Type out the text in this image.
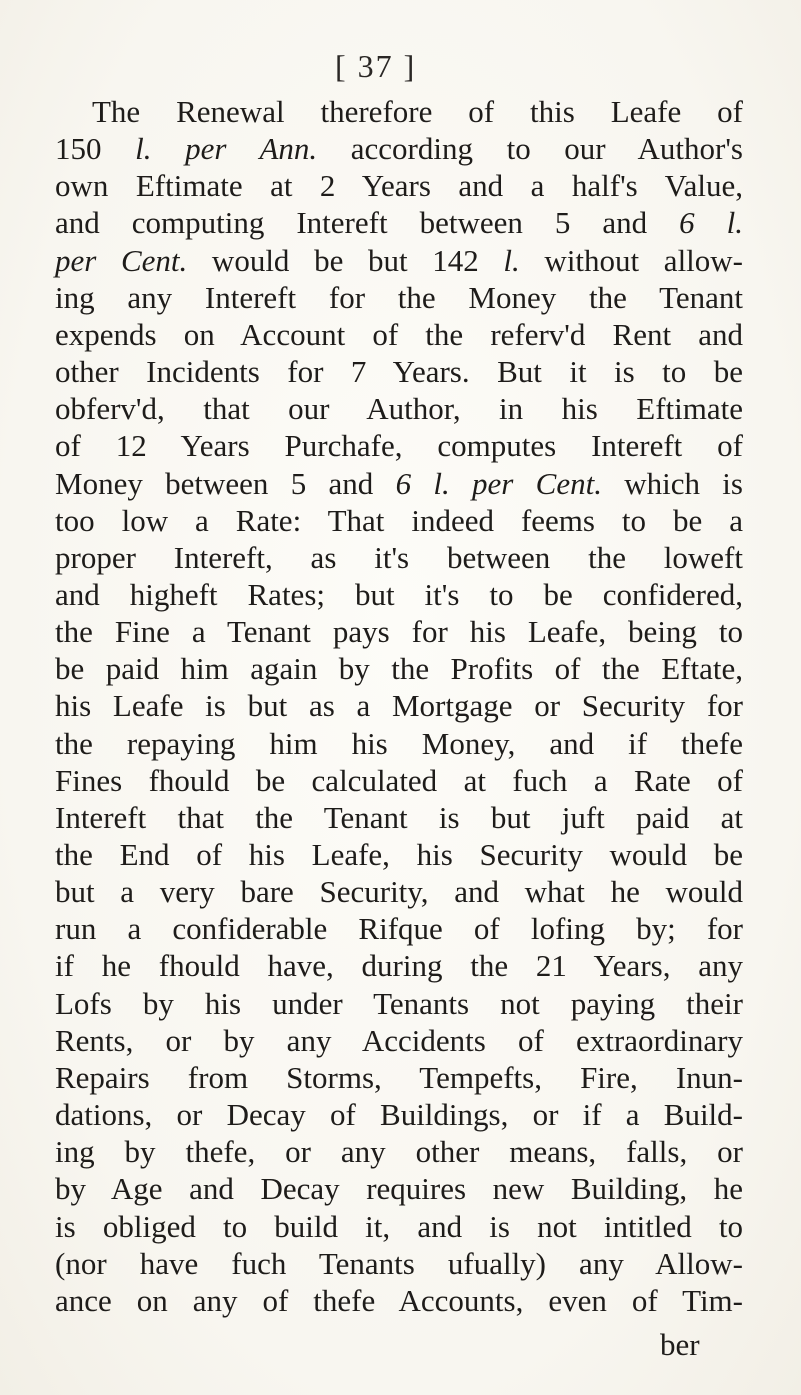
[ 37 ]
The Renewal therefore of this Leafe of
150 l. per Ann. according to our Author's
own Eftimate at 2 Years and a half's Value,
and computing Intereft between 5 and 6 l.
per Cent. would be but 142 l. without allow-
ing any Intereft for the Money the Tenant
expends on Account of the referv'd Rent and
other Incidents for 7 Years. But it is to be
obferv'd, that our Author, in his Eftimate
of 12 Years Purchafe, computes Intereft of
Money between 5 and 6 l. per Cent. which is
too low a Rate: That indeed feems to be a
proper Intereft, as it's between the loweft
and higheft Rates; but it's to be confidered,
the Fine a Tenant pays for his Leafe, being to
be paid him again by the Profits of the Eftate,
his Leafe is but as a Mortgage or Security for
the repaying him his Money, and if thefe
Fines fhould be calculated at fuch a Rate of
Intereft that the Tenant is but juft paid at
the End of his Leafe, his Security would be
but a very bare Security, and what he would
run a confiderable Rifque of lofing by; for
if he fhould have, during the 21 Years, any
Lofs by his under Tenants not paying their
Rents, or by any Accidents of extraordinary
Repairs from Storms, Tempefts, Fire, Inun-
dations, or Decay of Buildings, or if a Build-
ing by thefe, or any other means, falls, or
by Age and Decay requires new Building, he
is obliged to build it, and is not intitled to
(nor have fuch Tenants ufually) any Allow-
ance on any of thefe Accounts, even of Tim-
ber
